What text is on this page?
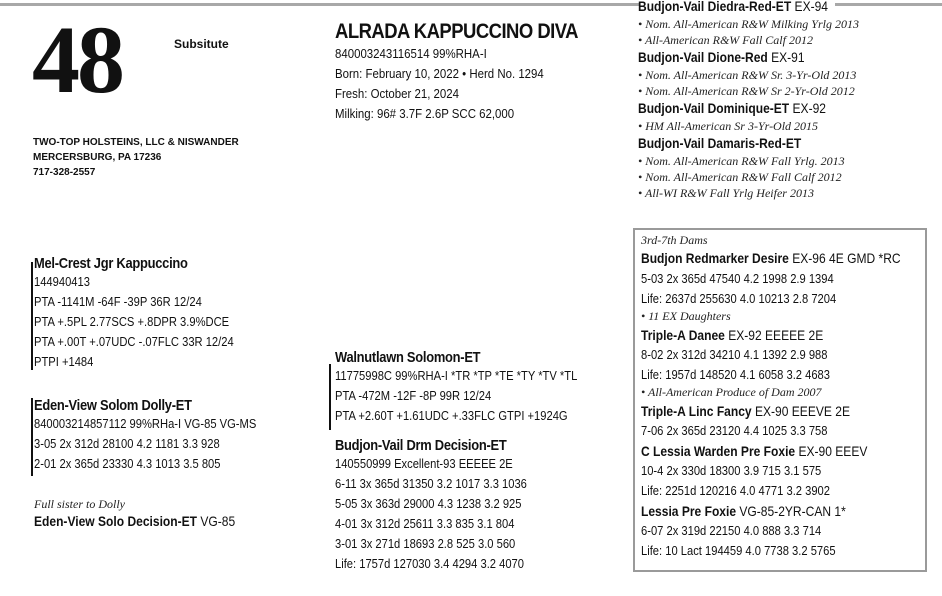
48	Subsitute
TWO-TOP HOLSTEINS, LLC & NISWANDER
MERCERSBURG, PA 17236
717-328-2557
ALRADA KAPPUCCINO DIVA
840003243116514 99%RHA-I
Born: February 10, 2022 • Herd No. 1294
Fresh: October 21, 2024
Milking: 96# 3.7F 2.6P SCC 62,000
Mel-Crest Jgr Kappuccino
144940413
PTA -1141M -64F -39P 36R 12/24
PTA +.5PL 2.77SCS +.8DPR 3.9%DCE
PTA +.00T +.07UDC -.07FLC 33R 12/24
PTPI +1484
Eden-View Solom Dolly-ET
840003214857112 99%RHa-I VG-85 VG-MS
3-05 2x 312d 28100 4.2 1181 3.3 928
2-01 2x 365d 23330 4.3 1013 3.5 805
Full sister to Dolly
Eden-View Solo Decision-ET VG-85
Walnutlawn Solomon-ET
11775998C 99%RHA-I *TR *TP *TE *TY *TV *TL
PTA -472M -12F -8P 99R 12/24
PTA +2.60T +1.61UDC +.33FLC GTPI +1924G
Budjon-Vail Drm Decision-ET
140550999 Excellent-93 EEEEE 2E
6-11 3x 365d 31350 3.2 1017 3.3 1036
5-05 3x 363d 29000 4.3 1238 3.2 925
4-01 3x 312d 25611 3.3 835 3.1 804
3-01 3x 271d 18693 2.8 525 3.0 560
Life: 1757d 127030 3.4 4294 3.2 4070
Budjon-Vail Diedra-Red-ET EX-94
• Nom. All-American R&W Milking Yrlg 2013
• All-American R&W Fall Calf 2012
Budjon-Vail Dione-Red EX-91
• Nom. All-American R&W Sr. 3-Yr-Old 2013
• Nom. All-American R&W Sr 2-Yr-Old 2012
Budjon-Vail Dominique-ET EX-92
• HM All-American Sr 3-Yr-Old 2015
Budjon-Vail Damaris-Red-ET
• Nom. All-American R&W Fall Yrlg. 2013
• Nom. All-American R&W Fall Calf 2012
• All-WI R&W Fall Yrlg Heifer 2013
3rd-7th Dams
Budjon Redmarker Desire EX-96 4E GMD *RC
5-03 2x 365d 47540 4.2 1998 2.9 1394
Life: 2637d 255630 4.0 10213 2.8 7204
• 11 EX Daughters
Triple-A Danee EX-92 EEEEE 2E
8-02 2x 312d 34210 4.1 1392 2.9 988
Life: 1957d 148520 4.1 6058 3.2 4683
• All-American Produce of Dam 2007
Triple-A Linc Fancy EX-90 EEEVE 2E
7-06 2x 365d 23120 4.4 1025 3.3 758
C Lessia Warden Pre Foxie EX-90 EEEV
10-4 2x 330d 18300 3.9 715 3.1 575
Life: 2251d 120216 4.0 4771 3.2 3902
Lessia Pre Foxie VG-85-2YR-CAN 1*
6-07 2x 319d 22150 4.0 888 3.3 714
Life: 10 Lact 194459 4.0 7738 3.2 5765
